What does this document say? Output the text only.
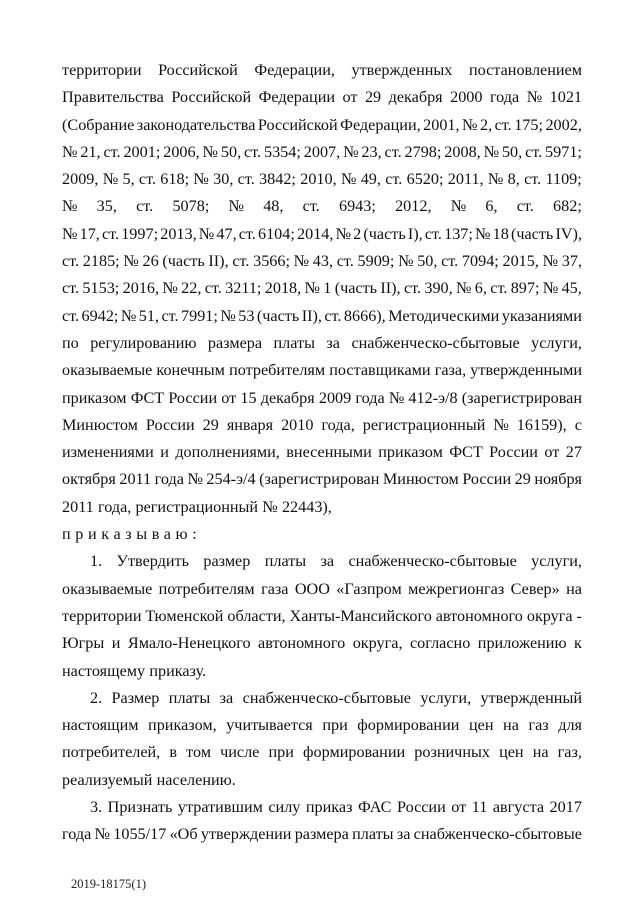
территории Российской Федерации, утвержденных постановлением
Правительства Российской Федерации от 29 декабря 2000 года № 1021
(Собрание законодательства Российской Федерации, 2001, № 2, ст. 175; 2002,
№ 21, ст. 2001; 2006, № 50, ст. 5354; 2007, № 23, ст. 2798; 2008, № 50, ст. 5971;
2009, № 5, ст. 618; № 30, ст. 3842; 2010, № 49, ст. 6520; 2011, № 8, ст. 1109;
№ 35, ст. 5078; № 48, ст. 6943; 2012, № 6, ст. 682;
№ 17, ст. 1997; 2013, № 47, ст. 6104; 2014, № 2 (часть I), ст. 137; № 18 (часть IV),
ст. 2185; № 26 (часть II), ст. 3566; № 43, ст. 5909; № 50, ст. 7094; 2015, № 37,
ст. 5153; 2016, № 22, ст. 3211; 2018, № 1 (часть II), ст. 390, № 6, ст. 897; № 45,
ст. 6942; № 51, ст. 7991; № 53 (часть II), ст. 8666), Методическими указаниями
по регулированию размера платы за снабженческо-сбытовые услуги,
оказываемые конечным потребителям поставщиками газа, утвержденными
приказом ФСТ России от 15 декабря 2009 года № 412-э/8 (зарегистрирован
Минюстом России 29 января 2010 года, регистрационный № 16159), с
изменениями и дополнениями, внесенными приказом ФСТ России от 27
октября 2011 года № 254-э/4 (зарегистрирован Минюстом России 29 ноября
2011 года, регистрационный № 22443),
приказываю:
1. Утвердить размер платы за снабженческо-сбытовые услуги,
оказываемые потребителям газа ООО «Газпром межрегионгаз Север» на
территории Тюменской области, Ханты-Мансийского автономного округа -
Югры и Ямало-Ненецкого автономного округа, согласно приложению к
настоящему приказу.
2. Размер платы за снабженческо-сбытовые услуги, утвержденный
настоящим приказом, учитывается при формировании цен на газ для
потребителей, в том числе при формировании розничных цен на газ,
реализуемый населению.
3. Признать утратившим силу приказ ФАС России от 11 августа 2017
года № 1055/17 «Об утверждении размера платы за снабженческо-сбытовые
2019-18175(1)
